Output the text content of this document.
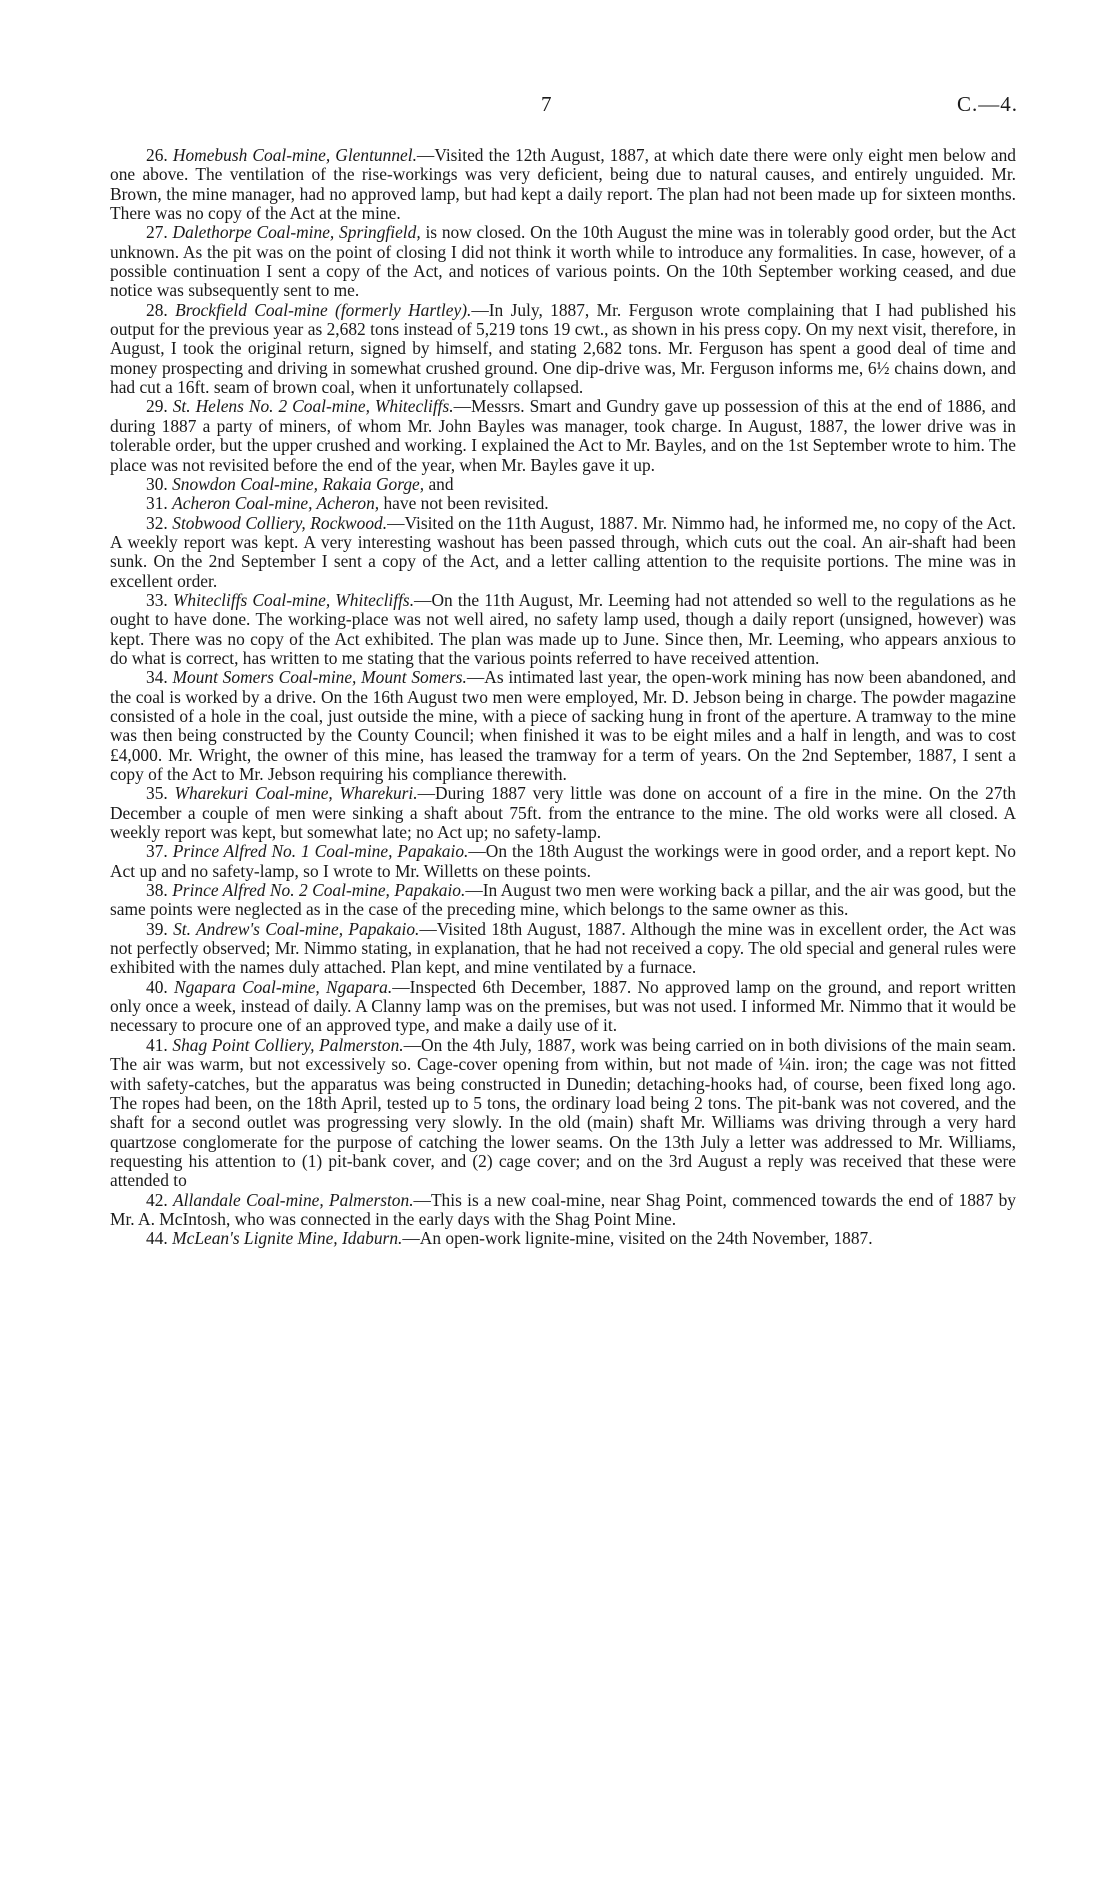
7	C.—4.

26. Homebush Coal-mine, Glentunnel.—Visited the 12th August, 1887, at which date there were only eight men below and one above. The ventilation of the rise-workings was very deficient, being due to natural causes, and entirely unguided. Mr. Brown, the mine manager, had no approved lamp, but had kept a daily report. The plan had not been made up for sixteen months. There was no copy of the Act at the mine.

27. Dalethorpe Coal-mine, Springfield, is now closed. On the 10th August the mine was in tolerably good order, but the Act unknown. As the pit was on the point of closing I did not think it worth while to introduce any formalities. In case, however, of a possible continuation I sent a copy of the Act, and notices of various points. On the 10th September working ceased, and due notice was subsequently sent to me.

28. Brockfield Coal-mine (formerly Hartley).—In July, 1887, Mr. Ferguson wrote complaining that I had published his output for the previous year as 2,682 tons instead of 5,219 tons 19 cwt., as shown in his press copy. On my next visit, therefore, in August, I took the original return, signed by himself, and stating 2,682 tons. Mr. Ferguson has spent a good deal of time and money prospecting and driving in somewhat crushed ground. One dip-drive was, Mr. Ferguson informs me, 6½ chains down, and had cut a 16ft. seam of brown coal, when it unfortunately collapsed.

29. St. Helens No. 2 Coal-mine, Whitecliffs.—Messrs. Smart and Gundry gave up possession of this at the end of 1886, and during 1887 a party of miners, of whom Mr. John Bayles was manager, took charge. In August, 1887, the lower drive was in tolerable order, but the upper crushed and working. I explained the Act to Mr. Bayles, and on the 1st September wrote to him. The place was not revisited before the end of the year, when Mr. Bayles gave it up.

30. Snowdon Coal-mine, Rakaia Gorge, and

31. Acheron Coal-mine, Acheron, have not been revisited.

32. Stobwood Colliery, Rockwood.—Visited on the 11th August, 1887. Mr. Nimmo had, he informed me, no copy of the Act. A weekly report was kept. A very interesting washout has been passed through, which cuts out the coal. An air-shaft had been sunk. On the 2nd September I sent a copy of the Act, and a letter calling attention to the requisite portions. The mine was in excellent order.

33. Whitecliffs Coal-mine, Whitecliffs.—On the 11th August, Mr. Leeming had not attended so well to the regulations as he ought to have done. The working-place was not well aired, no safety lamp used, though a daily report (unsigned, however) was kept. There was no copy of the Act exhibited. The plan was made up to June. Since then, Mr. Leeming, who appears anxious to do what is correct, has written to me stating that the various points referred to have received attention.

34. Mount Somers Coal-mine, Mount Somers.—As intimated last year, the open-work mining has now been abandoned, and the coal is worked by a drive. On the 16th August two men were employed, Mr. D. Jebson being in charge. The powder magazine consisted of a hole in the coal, just outside the mine, with a piece of sacking hung in front of the aperture. A tramway to the mine was then being constructed by the County Council; when finished it was to be eight miles and a half in length, and was to cost £4,000. Mr. Wright, the owner of this mine, has leased the tramway for a term of years. On the 2nd September, 1887, I sent a copy of the Act to Mr. Jebson requiring his compliance therewith.

35. Wharekuri Coal-mine, Wharekuri.—During 1887 very little was done on account of a fire in the mine. On the 27th December a couple of men were sinking a shaft about 75ft. from the entrance to the mine. The old works were all closed. A weekly report was kept, but somewhat late; no Act up; no safety-lamp.

37. Prince Alfred No. 1 Coal-mine, Papakaio.—On the 18th August the workings were in good order, and a report kept. No Act up and no safety-lamp, so I wrote to Mr. Willetts on these points.

38. Prince Alfred No. 2 Coal-mine, Papakaio.—In August two men were working back a pillar, and the air was good, but the same points were neglected as in the case of the preceding mine, which belongs to the same owner as this.

39. St. Andrew's Coal-mine, Papakaio.—Visited 18th August, 1887. Although the mine was in excellent order, the Act was not perfectly observed; Mr. Nimmo stating, in explanation, that he had not received a copy. The old special and general rules were exhibited with the names duly attached. Plan kept, and mine ventilated by a furnace.

40. Ngapara Coal-mine, Ngapara.—Inspected 6th December, 1887. No approved lamp on the ground, and report written only once a week, instead of daily. A Clanny lamp was on the premises, but was not used. I informed Mr. Nimmo that it would be necessary to procure one of an approved type, and make a daily use of it.

41. Shag Point Colliery, Palmerston.—On the 4th July, 1887, work was being carried on in both divisions of the main seam. The air was warm, but not excessively so. Cage-cover opening from within, but not made of ¼in. iron; the cage was not fitted with safety-catches, but the apparatus was being constructed in Dunedin; detaching-hooks had, of course, been fixed long ago. The ropes had been, on the 18th April, tested up to 5 tons, the ordinary load being 2 tons. The pit-bank was not covered, and the shaft for a second outlet was progressing very slowly. In the old (main) shaft Mr. Williams was driving through a very hard quartzose conglomerate for the purpose of catching the lower seams. On the 13th July a letter was addressed to Mr. Williams, requesting his attention to (1) pit-bank cover, and (2) cage cover; and on the 3rd August a reply was received that these were attended to

42. Allandale Coal-mine, Palmerston.—This is a new coal-mine, near Shag Point, commenced towards the end of 1887 by Mr. A. McIntosh, who was connected in the early days with the Shag Point Mine.

44. McLean's Lignite Mine, Idaburn.—An open-work lignite-mine, visited on the 24th November, 1887.
